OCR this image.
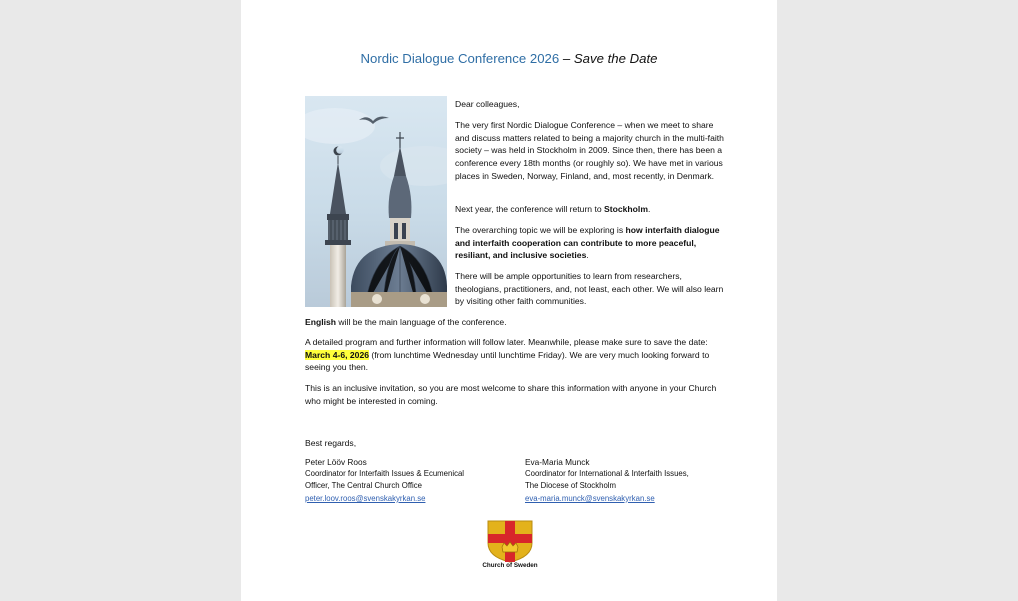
Nordic Dialogue Conference 2026 – Save the Date

Dear colleagues,

The very first Nordic Dialogue Conference – when we meet to share and discuss matters related to being a majority church in the multi-faith society – was held in Stockholm in 2009. Since then, there has been a conference every 18th months (or roughly so). We have met in various places in Sweden, Norway, Finland, and, most recently, in Denmark.

Next year, the conference will return to Stockholm.

The overarching topic we will be exploring is how interfaith dialogue and interfaith cooperation can contribute to more peaceful, resiliant, and inclusive societies.

There will be ample opportunities to learn from researchers, theologians, practitioners, and, not least, each other. We will also learn by visiting other faith communities.

English will be the main language of the conference.

A detailed program and further information will follow later. Meanwhile, please make sure to save the date: March 4-6, 2026 (from lunchtime Wednesday until lunchtime Friday). We are very much looking forward to seeing you then.

This is an inclusive invitation, so you are most welcome to share this information with anyone in your Church who might be interested in coming.

Best regards,

Peter Lööv Roos
Coordinator for Interfaith Issues & Ecumenical
Officer, The Central Church Office
peter.loov.roos@svenskakyrkan.se
Eva-Maria Munck
Coordinator for International & Interfaith Issues,
The Diocese of Stockholm
eva-maria.munck@svenskakyrkan.se
Church of Sweden
